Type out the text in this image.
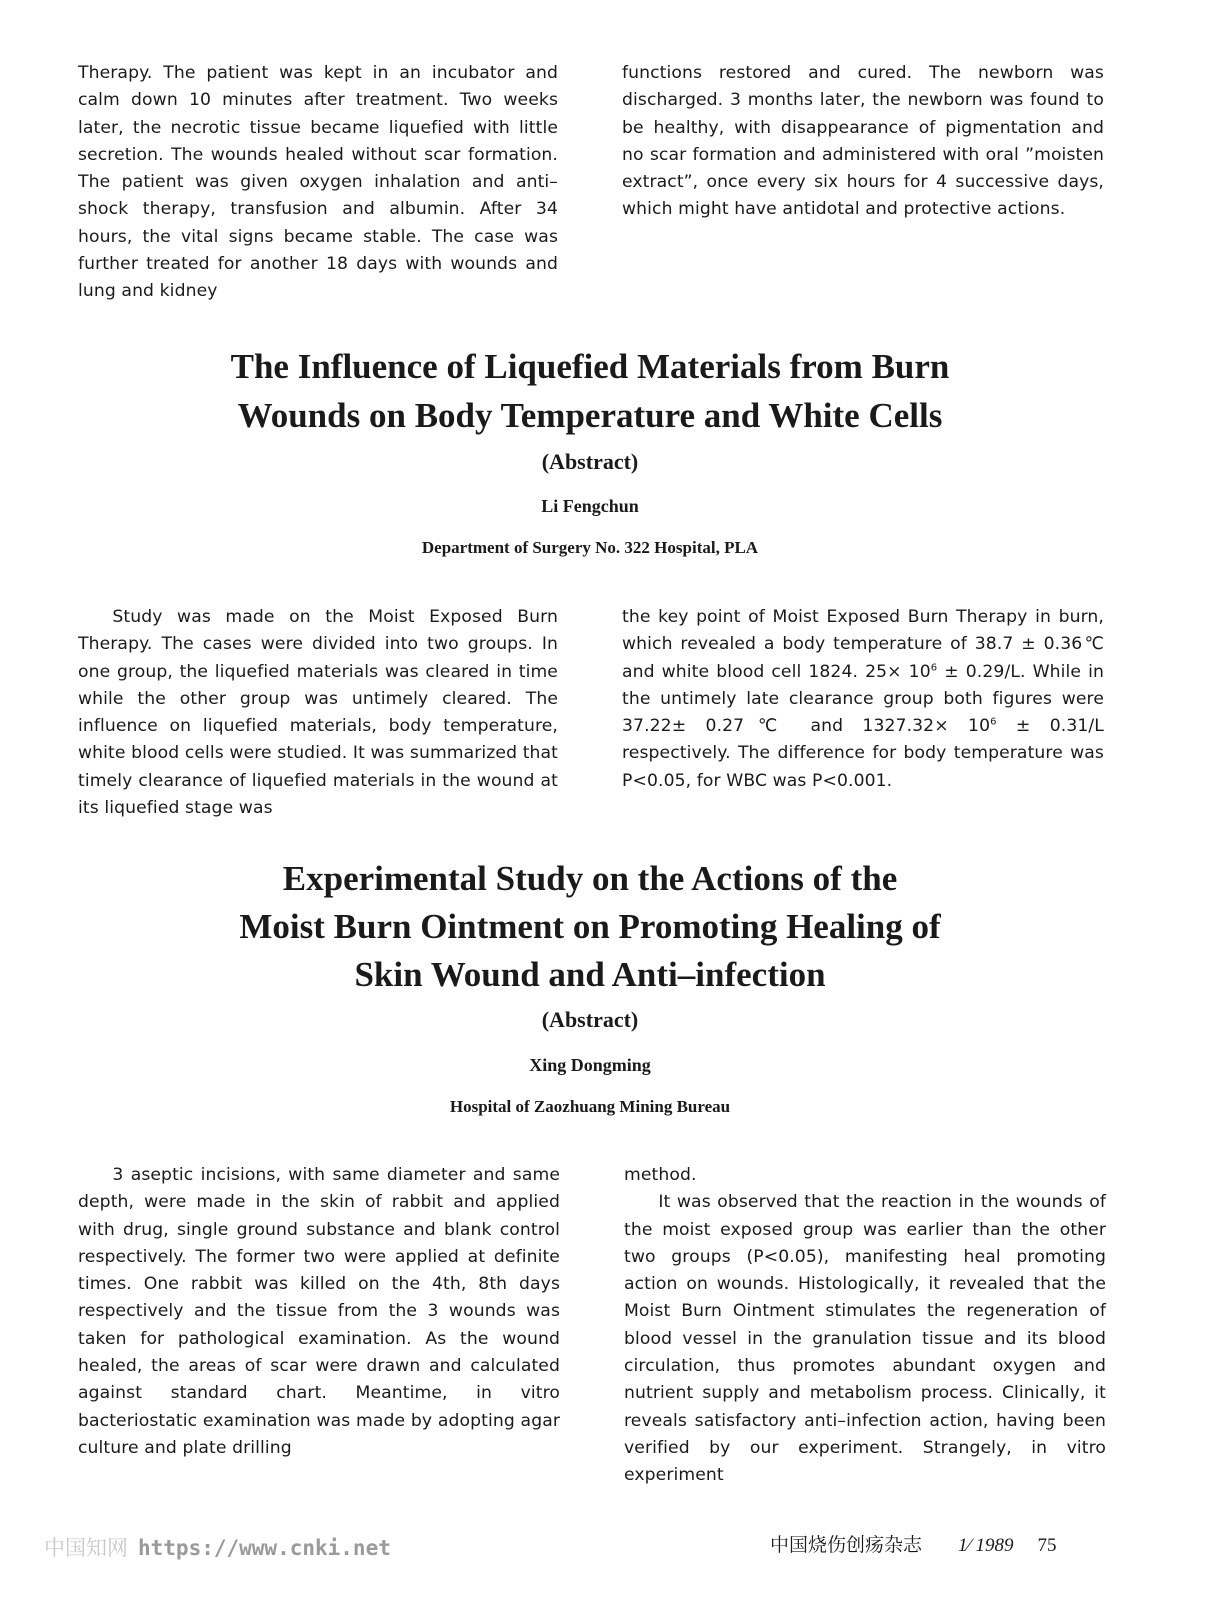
Therapy. The patient was kept in an incubator and calm down 10 minutes after treatment. Two weeks later, the necrotic tissue became liquefied with little secretion. The wounds healed without scar formation. The patient was given oxygen inhalation and anti–shock therapy, transfusion and albumin. After 34 hours, the vital signs became stable. The case was further treated for another 18 days with wounds and lung and kidney

functions restored and cured. The newborn was discharged. 3 months later, the newborn was found to be healthy, with disappearance of pigmentation and no scar formation and administered with oral ”moisten extract”, once every six hours for 4 successive days, which might have antidotal and protective actions.

The Influence of Liquefied Materials from Burn
Wounds on Body Temperature and White Cells
(Abstract)
Li Fengchun
Department of Surgery No. 322 Hospital, PLA

Study was made on the Moist Exposed Burn Therapy. The cases were divided into two groups. In one group, the liquefied materials was cleared in time while the other group was untimely cleared. The influence on liquefied materials, body temperature, white blood cells were studied. It was summarized that timely clearance of liquefied materials in the wound at its liquefied stage was

the key point of Moist Exposed Burn Therapy in burn, which revealed a body temperature of 38.7 ± 0.36℃ and white blood cell 1824. $25\times 10^6$ ± 0.29∕L. While in the untimely late clearance group both figures were 37.22± 0.27℃ and $1327.32\times 10^6$ ± 0.31∕L respectively. The difference for body temperature was P<0.05, for WBC was P<0.001.

Experimental Study on the Actions of the
Moist Burn Ointment on Promoting Healing of
Skin Wound and Anti–infection
(Abstract)
Xing Dongming
Hospital of Zaozhuang Mining Bureau

3 aseptic incisions, with same diameter and same depth, were made in the skin of rabbit and applied with drug, single ground substance and blank control respectively. The former two were applied at definite times. One rabbit was killed on the 4th, 8th days respectively and the tissue from the 3 wounds was taken for pathological examination. As the wound healed, the areas of scar were drawn and calculated against standard chart. Meantime, in vitro bacteriostatic examination was made by adopting agar culture and plate drilling

method.

It was observed that the reaction in the wounds of the moist exposed group was earlier than the other two groups (P<0.05), manifesting heal promoting action on wounds. Histologically, it revealed that the Moist Burn Ointment stimulates the regeneration of blood vessel in the granulation tissue and its blood circulation, thus promotes abundant oxygen and nutrient supply and metabolism process. Clinically, it reveals satisfactory anti–infection action, having been verified by our experiment. Strangely, in vitro experiment

中国知网 https://www.cnki.net	中国烧伤创疡杂志 1∕ 1989 75
